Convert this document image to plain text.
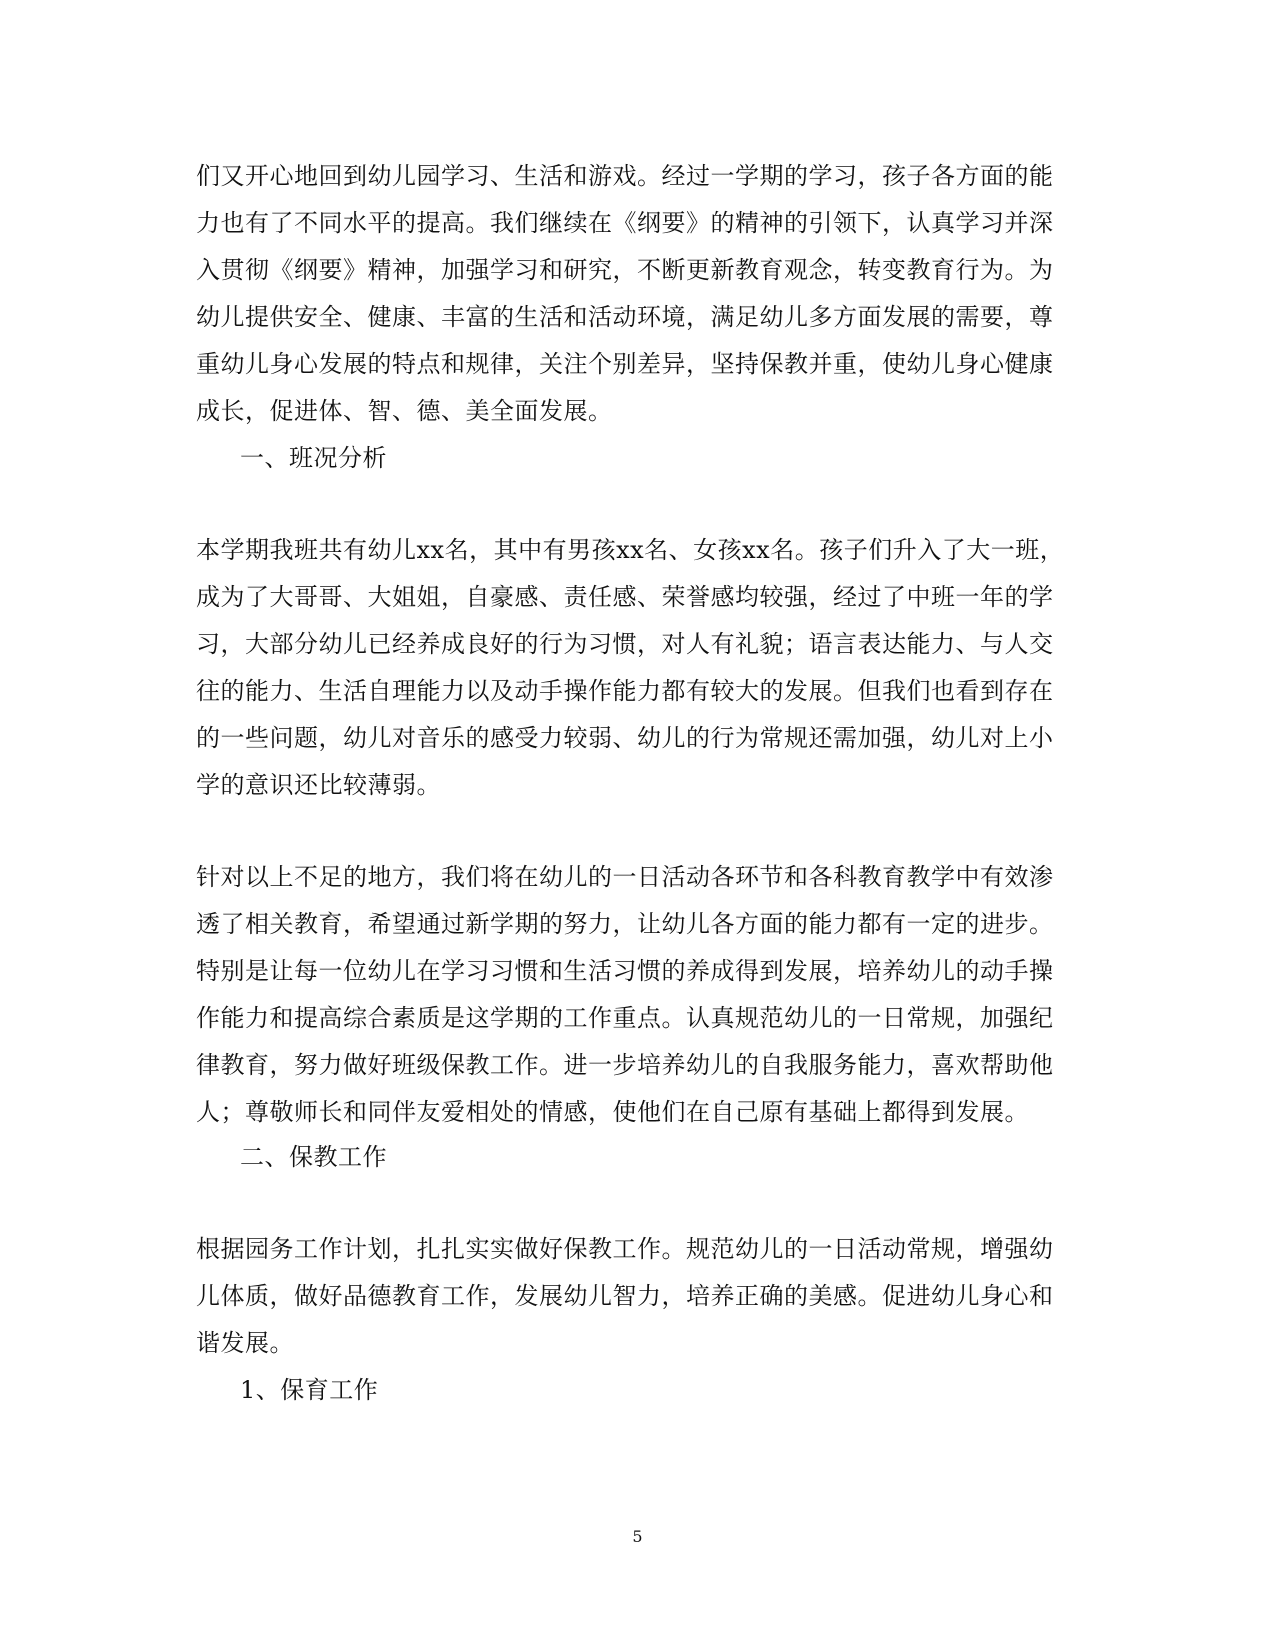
们又开心地回到幼儿园学习、生活和游戏。经过一学期的学习，孩子各方面的能
力也有了不同水平的提高。我们继续在《纲要》的精神的引领下，认真学习并深
入贯彻《纲要》精神，加强学习和研究，不断更新教育观念，转变教育行为。为
幼儿提供安全、健康、丰富的生活和活动环境，满足幼儿多方面发展的需要，尊
重幼儿身心发展的特点和规律，关注个别差异，坚持保教并重，使幼儿身心健康
成长，促进体、智、德、美全面发展。
一、班况分析
本学期我班共有幼儿xx名，其中有男孩xx名、女孩xx名。孩子们升入了大一班，
成为了大哥哥、大姐姐，自豪感、责任感、荣誉感均较强，经过了中班一年的学
习，大部分幼儿已经养成良好的行为习惯，对人有礼貌；语言表达能力、与人交
往的能力、生活自理能力以及动手操作能力都有较大的发展。但我们也看到存在
的一些问题，幼儿对音乐的感受力较弱、幼儿的行为常规还需加强，幼儿对上小
学的意识还比较薄弱。
针对以上不足的地方，我们将在幼儿的一日活动各环节和各科教育教学中有效渗
透了相关教育，希望通过新学期的努力，让幼儿各方面的能力都有一定的进步。
特别是让每一位幼儿在学习习惯和生活习惯的养成得到发展，培养幼儿的动手操
作能力和提高综合素质是这学期的工作重点。认真规范幼儿的一日常规，加强纪
律教育，努力做好班级保教工作。进一步培养幼儿的自我服务能力，喜欢帮助他
人；尊敬师长和同伴友爱相处的情感，使他们在自己原有基础上都得到发展。
二、保教工作
根据园务工作计划，扎扎实实做好保教工作。规范幼儿的一日活动常规，增强幼
儿体质，做好品德教育工作，发展幼儿智力，培养正确的美感。促进幼儿身心和
谐发展。
1、保育工作
5
